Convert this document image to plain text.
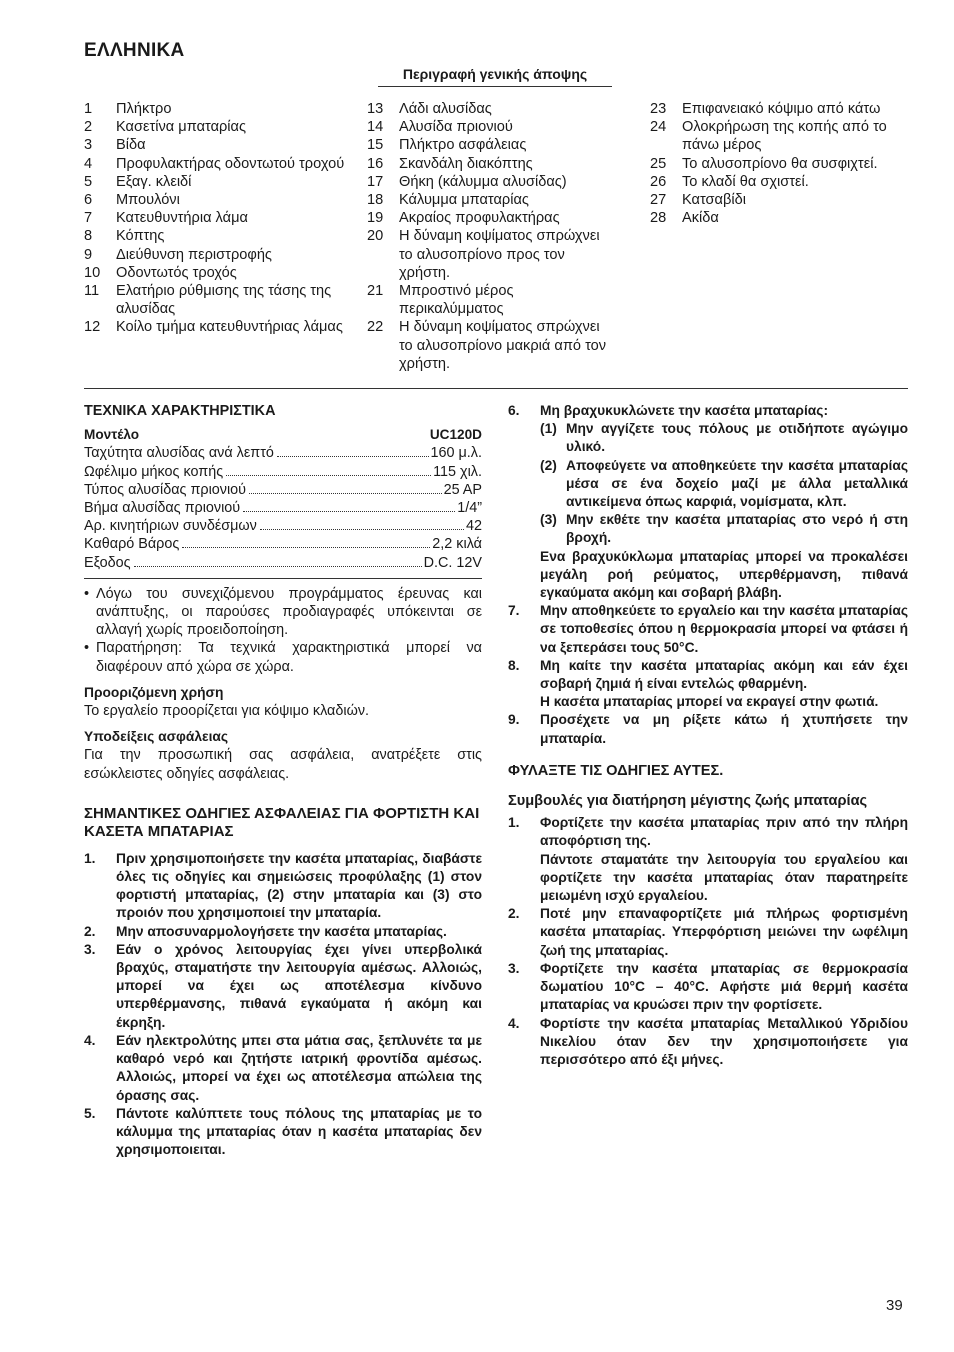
ΕΛΛΗΝΙΚΑ
Περιγραφή γενικής άποψης
1	Πλήκτρο
2	Κασετίνα μπαταρίας
3	Βίδα
4	Προφυλακτήρας οδοντωτού τροχού
5	Εξαγ. κλειδί
6	Μπουλόνι
7	Κατευθυντήρια λάμα
8	Κόπτης
9	Διεύθυνση περιστροφής
10	Οδοντωτός τροχός
11	Ελατήριο ρύθμισης της τάσης της αλυσίδας
12	Κοίλο τμήμα κατευθυντήριας λάμας
13	Λάδι αλυσίδας
14	Αλυσίδα πριονιού
15	Πλήκτρο ασφάλειας
16	Σκανδάλη διακόπτης
17	Θήκη (κάλυμμα αλυσίδας)
18	Κάλυμμα μπαταρίας
19	Ακραίος προφυλακτήρας
20	Η δύναμη κοψίματος σπρώχνει το αλυσοπρίονο προς τον χρήστη.
21	Μπροστινό μέρος περικαλύμματος
22	Η δύναμη κοψίματος σπρώχνει το αλυσοπρίονο μακριά από τον χρήστη.
23	Επιφανειακό κόψιμο από κάτω
24	Ολοκρήρωση της κοπής από το πάνω μέρος
25	Το αλυσοπρίονο θα συσφιχτεί.
26	Το κλαδί θα σχιστεί.
27	Κατσαβίδι
28	Ακίδα
ΤΕΧΝΙΚΑ ΧΑΡΑΚΤΗΡΙΣΤΙΚΑ
Μοντέλο	UC120D
Ταχύτητα αλυσίδας ανά λεπτό	160 μ.λ.
Ωφέλιμο μήκος κοπής	115 χιλ.
Τύπος αλυσίδας πριονιού	25 AP
Βήμα αλυσίδας πριονιού	1/4”
Αρ. κινητήριων συνδέσμων	42
Καθαρό Βάρος	2,2 κιλά
Εξοδος	D.C. 12V
• Λόγω του συνεχιζόμενου προγράμματος έρευνας και ανάπτυξης, οι παρούσες προδιαγραφές υπόκεινται σε αλλαγή χωρίς προειδοποίηση.
• Παρατήρηση: Τα τεχνικά χαρακτηριστικά μπορεί να διαφέρουν από χώρα σε χώρα.
Προοριζόμενη χρήση
Το εργαλείο προορίζεται για κόψιμο κλαδιών.
Υποδείξεις ασφάλειας
Για την προσωπική σας ασφάλεια, ανατρέξετε στις εσώκλειστες οδηγίες ασφάλειας.
ΣΗΜΑΝΤΙΚΕΣ ΟΔΗΓΙΕΣ ΑΣΦΑΛΕΙΑΣ ΓΙΑ ΦΟΡΤΙΣΤΗ ΚΑΙ ΚΑΣΕΤΑ ΜΠΑΤΑΡΙΑΣ
1.	Πριν χρησιμοποιήσετε την κασέτα μπαταρίας, διαβάστε όλες τις οδηγίες και σημειώσεις προφύλαξης (1) στον φορτιστή μπαταρίας, (2) στην μπαταρία και (3) στο προιόν που χρησιμοποιεί την μπαταρία.
2.	Μην αποσυναρμολογήσετε την κασέτα μπαταρίας.
3.	Εάν ο χρόνος λειτουργίας έχει γίνει υπερβολικά βραχύς, σταματήστε την λειτουργία αμέσως. Αλλοιώς, μπορεί να έχει ως αποτέλεσμα κίνδυνο υπερθέρμανσης, πιθανά εγκαύματα ή ακόμη και έκρηξη.
4.	Εάν ηλεκτρολύτης μπει στα μάτια σας, ξεπλυνέτε τα με καθαρό νερό και ζητήστε ιατρική φροντίδα αμέσως. Αλλοιώς, μπορεί να έχει ως αποτέλεσμα απώλεια της όρασης σας.
5.	Πάντοτε καλύπτετε τους πόλους της μπαταρίας με το κάλυμμα της μπαταρίας όταν η κασέτα μπαταρίας δεν χρησιμοποιειται.
6.	Μη βραχυκυκλώνετε την κασέτα μπαταρίας:
(1) Μην αγγίζετε τους πόλους με οτιδήποτε αγώγιμο υλικό.
(2) Αποφεύγετε να αποθηκεύετε την κασέτα μπαταρίας μέσα σε ένα δοχείο μαζί με άλλα μεταλλικά αντικείμενα όπως καρφιά, νομίσματα, κλπ.
(3) Μην εκθέτε την κασέτα μπαταρίας στο νερό ή στη βροχή.
Ενα βραχυκύκλωμα μπαταρίας μπορεί να προκαλέσει μεγάλη ροή ρεύματος, υπερθέρμανση, πιθανά εγκαύματα ακόμη και σοβαρή βλάβη.
7.	Μην αποθηκεύετε το εργαλείο και την κασέτα μπαταρίας σε τοποθεσίες όπου η θερμοκρασία μπορεί να φτάσει ή να ξεπεράσει τους 50°C.
8.	Μη καίτε την κασέτα μπαταρίας ακόμη και εάν έχει σοβαρή ζημιά ή είναι εντελώς φθαρμένη.
Η κασέτα μπαταρίας μπορεί να εκραγεί στην φωτιά.
9.	Προσέχετε να μη ρίξετε κάτω ή χτυπήσετε την μπαταρία.
ΦΥΛΑΞΤΕ ΤΙΣ ΟΔΗΓΙΕΣ ΑΥΤΕΣ.
Συμβουλές για διατήρηση μέγιστης ζωής μπαταρίας
1.	Φορτίζετε την κασέτα μπαταρίας πριν από την πλήρη αποφόρτιση της.
Πάντοτε σταματάτε την λειτουργία του εργαλείου και φορτίζετε την κασέτα μπαταρίας όταν παρατηρείτε μειωμένη ισχύ εργαλείου.
2.	Ποτέ μην επαναφορτίζετε μιά πλήρως φορτισμένη κασέτα μπαταρίας. Υπερφόρτιση μειώνει την ωφέλιμη ζωή της μπαταρίας.
3.	Φορτίζετε την κασέτα μπαταρίας σε θερμοκρασία δωματίου 10°C – 40°C. Αφήστε μιά θερμή κασέτα μπαταρίας να κρυώσει πριν την φορτίσετε.
4.	Φορτίστε την κασέτα μπαταρίας Μεταλλικού Υδριδίου Νικελίου όταν δεν την χρησιμοποιήσετε για περισσότερο από έξι μήνες.
39
